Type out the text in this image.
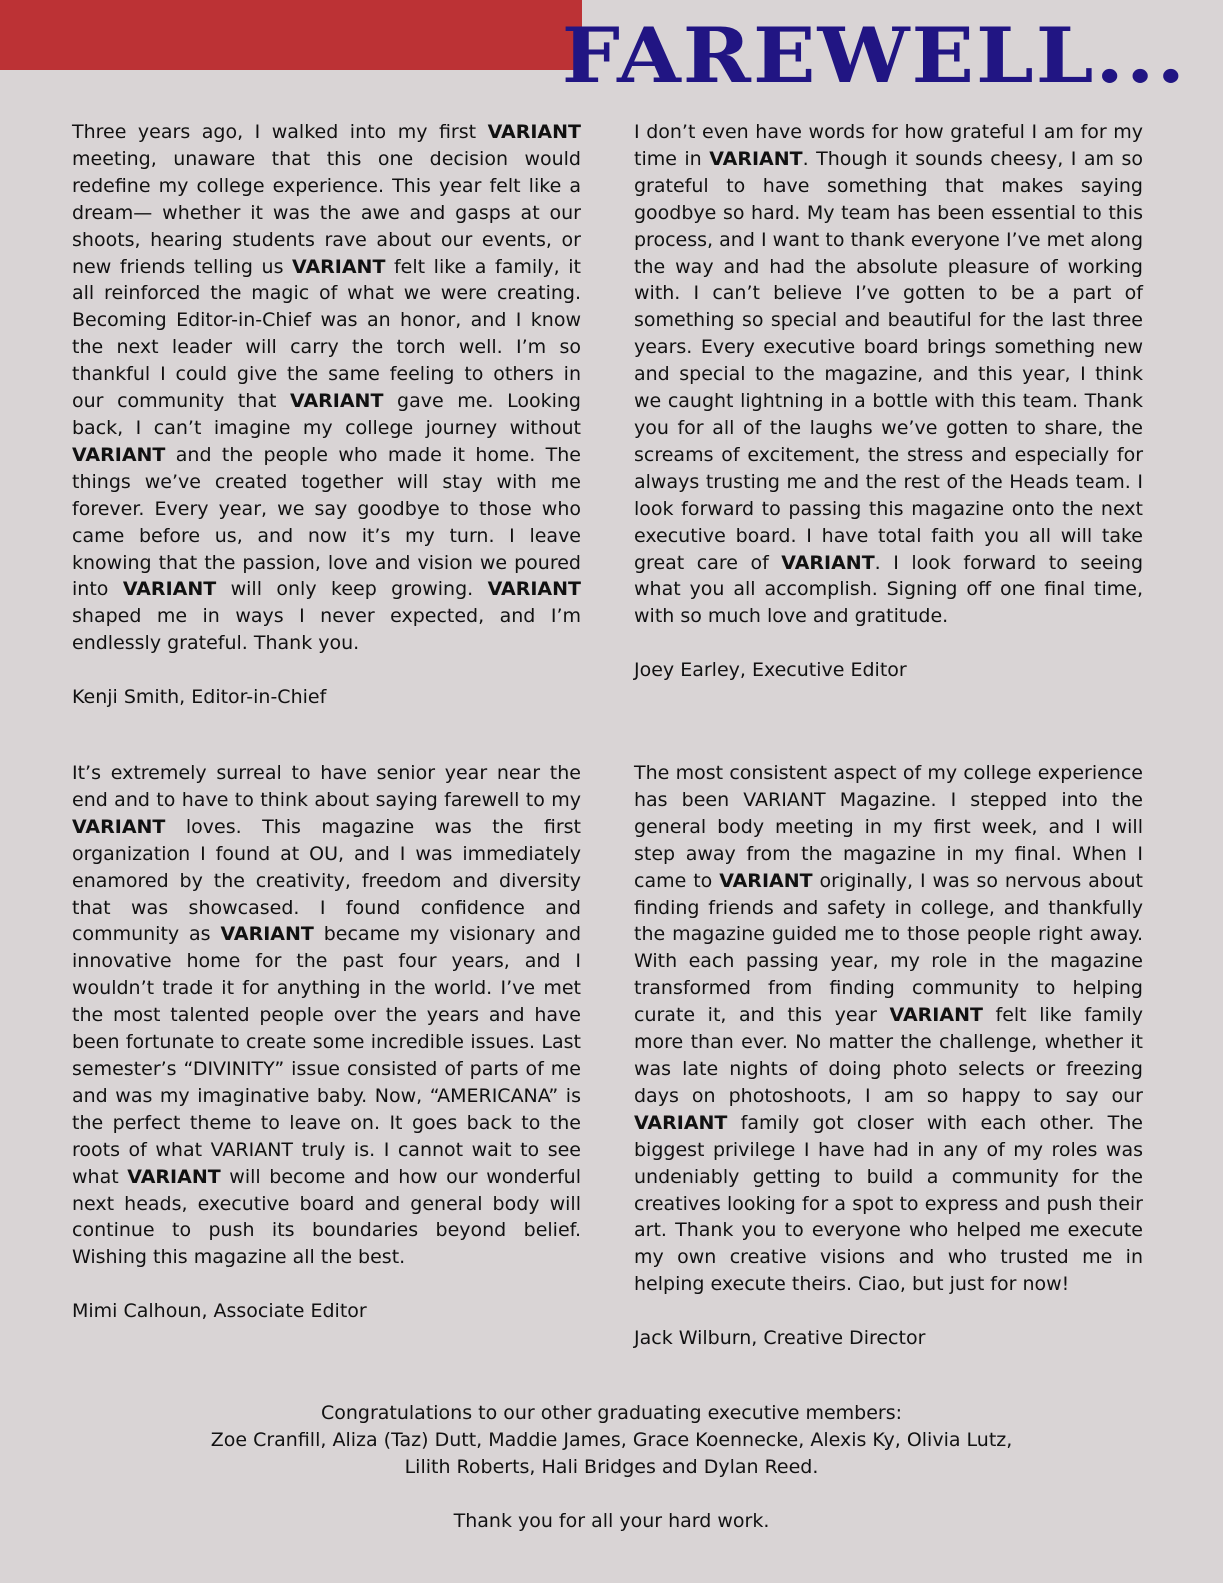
FAREWELL...

Three years ago, I walked into my first VARIANT meeting, unaware that this one decision would redefine my college experience. This year felt like a dream— whether it was the awe and gasps at our shoots, hearing students rave about our events, or new friends telling us VARIANT felt like a family, it all reinforced the magic of what we were creating. Becoming Editor-in-Chief was an honor, and I know the next leader will carry the torch well. I’m so thankful I could give the same feeling to others in our community that VARIANT gave me. Looking back, I can’t imagine my college journey without VARIANT and the people who made it home. The things we’ve created together will stay with me forever. Every year, we say goodbye to those who came before us, and now it’s my turn. I leave knowing that the passion, love and vision we poured into VARIANT will only keep growing. VARIANT shaped me in ways I never expected, and I’m endlessly grateful. Thank you.

Kenji Smith, Editor-in-Chief

I don’t even have words for how grateful I am for my time in VARIANT. Though it sounds cheesy, I am so grateful to have something that makes saying goodbye so hard. My team has been essential to this process, and I want to thank everyone I’ve met along the way and had the absolute pleasure of working with. I can’t believe I’ve gotten to be a part of something so special and beautiful for the last three years. Every executive board brings something new and special to the magazine, and this year, I think we caught lightning in a bottle with this team. Thank you for all of the laughs we’ve gotten to share, the screams of excitement, the stress and especially for always trusting me and the rest of the Heads team. I look forward to passing this magazine onto the next executive board. I have total faith you all will take great care of VARIANT. I look forward to seeing what you all accomplish. Signing off one final time, with so much love and gratitude.

Joey Earley, Executive Editor

It’s extremely surreal to have senior year near the end and to have to think about saying farewell to my VARIANT loves. This magazine was the first organization I found at OU, and I was immediately enamored by the creativity, freedom and diversity that was showcased. I found confidence and community as VARIANT became my visionary and innovative home for the past four years, and I wouldn’t trade it for anything in the world. I’ve met the most talented people over the years and have been fortunate to create some incredible issues. Last semester’s “DIVINITY” issue consisted of parts of me and was my imaginative baby. Now, “AMERICANA” is the perfect theme to leave on. It goes back to the roots of what VARIANT truly is. I cannot wait to see what VARIANT will become and how our wonderful next heads, executive board and general body will continue to push its boundaries beyond belief. Wishing this magazine all the best.

Mimi Calhoun, Associate Editor

The most consistent aspect of my college experience has been VARIANT Magazine. I stepped into the general body meeting in my first week, and I will step away from the magazine in my final. When I came to VARIANT originally, I was so nervous about finding friends and safety in college, and thankfully the magazine guided me to those people right away. With each passing year, my role in the magazine transformed from finding community to helping curate it, and this year VARIANT felt like family more than ever. No matter the challenge, whether it was late nights of doing photo selects or freezing days on photoshoots, I am so happy to say our VARIANT family got closer with each other. The biggest privilege I have had in any of my roles was undeniably getting to build a community for the creatives looking for a spot to express and push their art. Thank you to everyone who helped me execute my own creative visions and who trusted me in helping execute theirs. Ciao, but just for now!

Jack Wilburn, Creative Director

Congratulations to our other graduating executive members:

Zoe Cranfill, Aliza (Taz) Dutt, Maddie James, Grace Koennecke, Alexis Ky, Olivia Lutz,

Lilith Roberts, Hali Bridges and Dylan Reed.

Thank you for all your hard work.
